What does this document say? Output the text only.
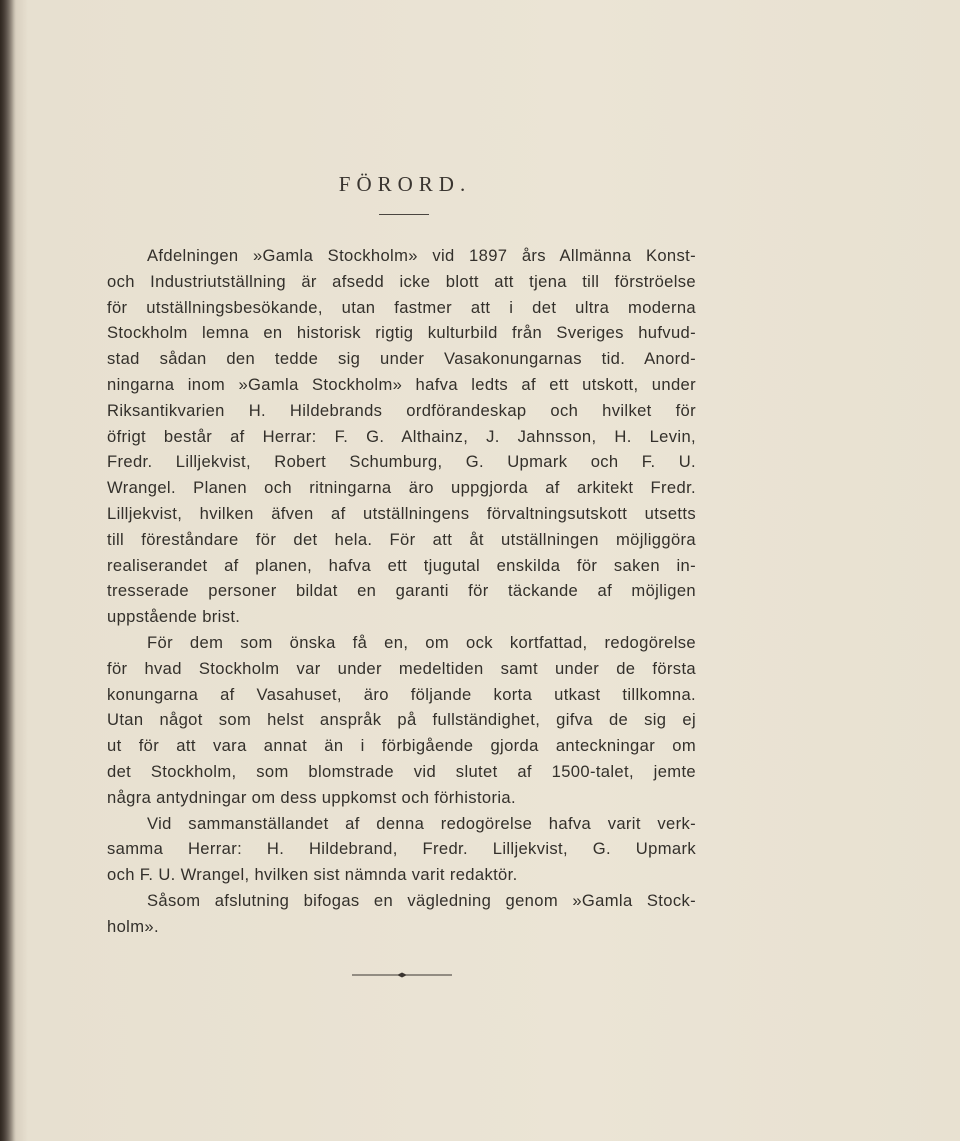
FÖRORD.
Afdelningen »Gamla Stockholm» vid 1897 års Allmänna Konst-
och Industriutställning är afsedd icke blott att tjena till förströelse
för utställningsbesökande, utan fastmer att i det ultra moderna
Stockholm lemna en historisk rigtig kulturbild från Sveriges hufvud-
stad sådan den tedde sig under Vasakonungarnas tid. Anord-
ningarna inom »Gamla Stockholm» hafva ledts af ett utskott, under
Riksantikvarien H. Hildebrands ordförandeskap och hvilket för
öfrigt består af Herrar: F. G. Althainz, J. Jahnsson, H. Levin,
Fredr. Lilljekvist, Robert Schumburg, G. Upmark och F. U.
Wrangel. Planen och ritningarna äro uppgjorda af arkitekt Fredr.
Lilljekvist, hvilken äfven af utställningens förvaltningsutskott utsetts
till föreståndare för det hela. För att åt utställningen möjliggöra
realiserandet af planen, hafva ett tjugutal enskilda för saken in-
tresserade personer bildat en garanti för täckande af möjligen
uppstående brist.
För dem som önska få en, om ock kortfattad, redogörelse
för hvad Stockholm var under medeltiden samt under de första
konungarna af Vasahuset, äro följande korta utkast tillkomna.
Utan något som helst anspråk på fullständighet, gifva de sig ej
ut för att vara annat än i förbigående gjorda anteckningar om
det Stockholm, som blomstrade vid slutet af 1500-talet, jemte
några antydningar om dess uppkomst och förhistoria.
Vid sammanställandet af denna redogörelse hafva varit verk-
samma Herrar: H. Hildebrand, Fredr. Lilljekvist, G. Upmark
och F. U. Wrangel, hvilken sist nämnda varit redaktör.
Såsom afslutning bifogas en vägledning genom »Gamla Stock-
holm».
